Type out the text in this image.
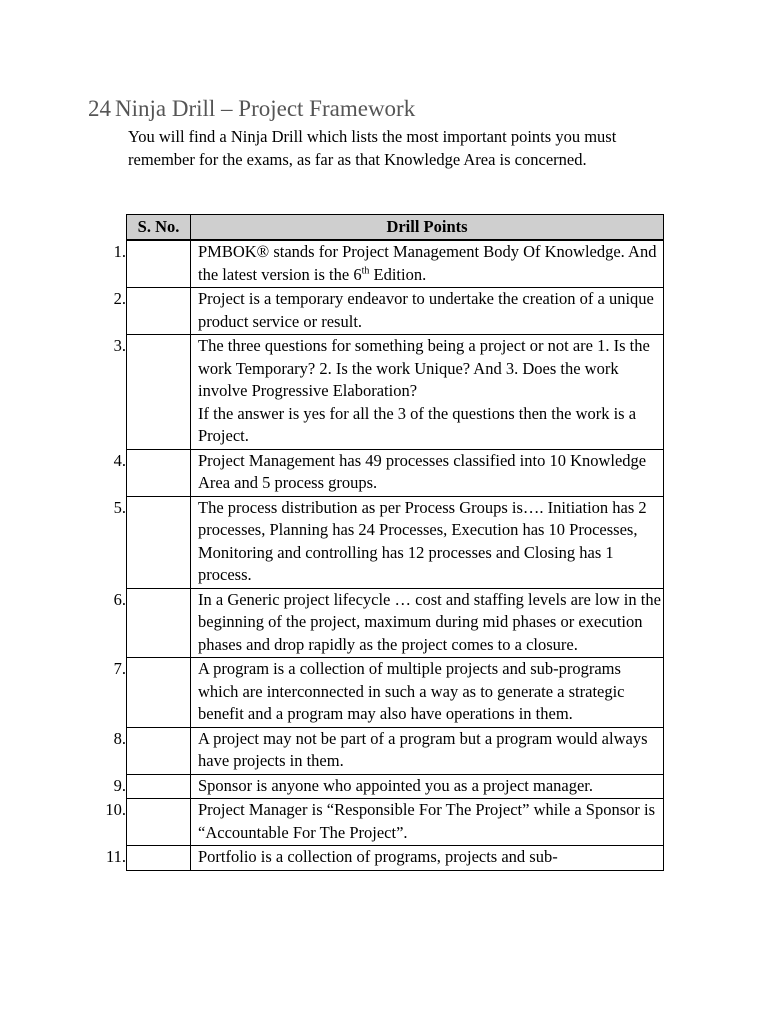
24 Ninja Drill – Project Framework
You will find a Ninja Drill which lists the most important points you must remember for the exams, as far as that Knowledge Area is concerned.
S. No.	Drill Points

1.	PMBOK® stands for Project Management Body Of Knowledge. And the latest version is the 6th Edition.

2.	Project is a temporary endeavor to undertake the creation of a unique product service or result.

3.	The three questions for something being a project or not are 1. Is the work Temporary? 2. Is the work Unique? And 3. Does the work involve Progressive Elaboration?
If the answer is yes for all the 3 of the questions then the work is a Project.

4.	Project Management has 49 processes classified into 10 Knowledge Area and 5 process groups.

5.	The process distribution as per Process Groups is…. Initiation has 2 processes, Planning has 24 Processes, Execution has 10 Processes, Monitoring and controlling has 12 processes and Closing has 1 process.

6.	In a Generic project lifecycle … cost and staffing levels are low in the beginning of the project, maximum during mid phases or execution phases and drop rapidly as the project comes to a closure.

7.	A program is a collection of multiple projects and sub-programs which are interconnected in such a way as to generate a strategic benefit and a program may also have operations in them.

8.	A project may not be part of a program but a program would always have projects in them.

9.	Sponsor is anyone who appointed you as a project manager.

10.	Project Manager is “Responsible For The Project” while a Sponsor is “Accountable For The Project”.

11.	Portfolio is a collection of programs, projects and sub-
